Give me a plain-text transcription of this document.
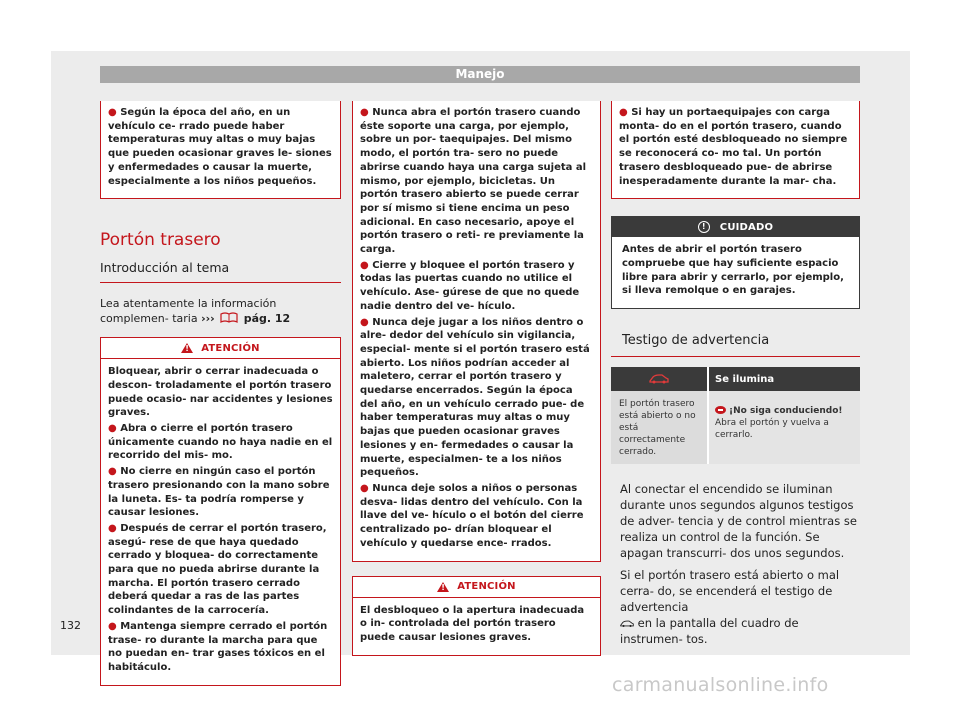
Manejo
● Según la época del año, en un vehículo ce- rrado puede haber temperaturas muy altas o muy bajas que pueden ocasionar graves le- siones y enfermedades o causar la muerte, especialmente a los niños pequeños.
Portón trasero
Introducción al tema
Lea atentamente la información complemen- taria ›››	pág. 12
!
ATENCIÓN
Bloquear, abrir o cerrar inadecuada o descon- troladamente el portón trasero puede ocasio- nar accidentes y lesiones graves.
● Abra o cierre el portón trasero únicamente cuando no haya nadie en el recorrido del mis- mo.
● No cierre en ningún caso el portón trasero presionando con la mano sobre la luneta. Es- ta podría romperse y causar lesiones.
● Después de cerrar el portón trasero, asegú- rese de que haya quedado cerrado y bloquea- do correctamente para que no pueda abrirse durante la marcha. El portón trasero cerrado deberá quedar a ras de las partes colindantes de la carrocería.
● Mantenga siempre cerrado el portón trase- ro durante la marcha para que no puedan en- trar gases tóxicos en el habitáculo.
● Nunca abra el portón trasero cuando éste soporte una carga, por ejemplo, sobre un por- taequipajes. Del mismo modo, el portón tra- sero no puede abrirse cuando haya una carga sujeta al mismo, por ejemplo, bicicletas. Un portón trasero abierto se puede cerrar por sí mismo si tiene encima un peso adicional. En caso necesario, apoye el portón trasero o reti- re previamente la carga.
● Cierre y bloquee el portón trasero y todas las puertas cuando no utilice el vehículo. Ase- gúrese de que no quede nadie dentro del ve- hículo.
● Nunca deje jugar a los niños dentro o alre- dedor del vehículo sin vigilancia, especial- mente si el portón trasero está abierto. Los niños podrían acceder al maletero, cerrar el portón trasero y quedarse encerrados. Según la época del año, en un vehículo cerrado pue- de haber temperaturas muy altas o muy bajas que pueden ocasionar graves lesiones y en- fermedades o causar la muerte, especialmen- te a los niños pequeños.
● Nunca deje solos a niños o personas desva- lidas dentro del vehículo. Con la llave del ve- hículo o el botón del cierre centralizado po- drían bloquear el vehículo y quedarse ence- rrados.
!
ATENCIÓN
El desbloqueo o la apertura inadecuada o in- controlada del portón trasero puede causar lesiones graves.
● Si hay un portaequipajes con carga monta- do en el portón trasero, cuando el portón esté desbloqueado no siempre se reconocerá co- mo tal. Un portón trasero desbloqueado pue- de abrirse inesperadamente durante la mar- cha.
!	CUIDADO
Antes de abrir el portón trasero compruebe que hay suficiente espacio libre para abrir y cerrarlo, por ejemplo, si lleva remolque o en garajes.
Testigo de advertencia
		Se ilumina
El portón trasero está abierto o no está correctamente cerrado.		¡No siga conduciendo!
Abra el portón y vuelva a cerrarlo.
Al conectar el encendido se iluminan durante unos segundos algunos testigos de adver- tencia y de control mientras se realiza un control de la función. Se apagan transcurri- dos unos segundos.
Si el portón trasero está abierto o mal cerra- do, se encenderá el testigo de advertencia
en la pantalla del cuadro de instrumen- tos.
132
carmanualsonline.info
